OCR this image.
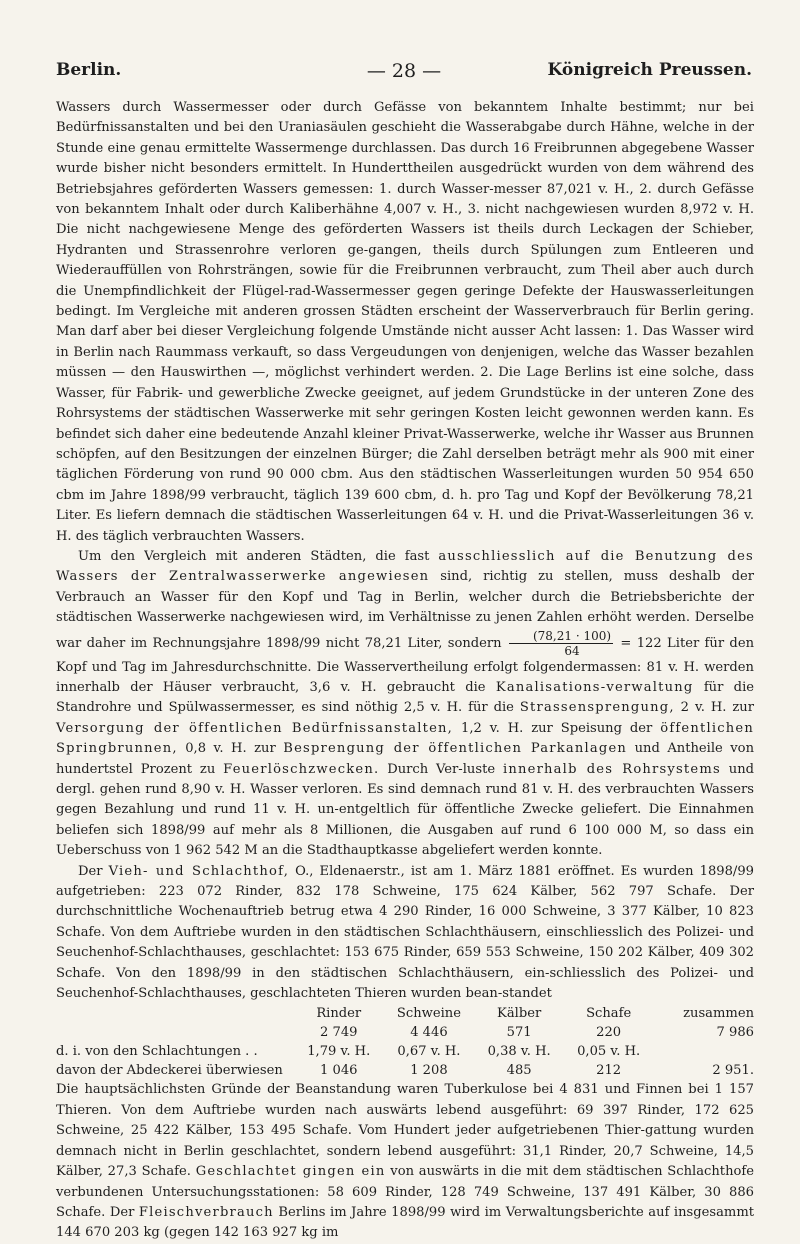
Berlin.	— 28 —	Königreich Preussen.

Wassers durch Wassermesser oder durch Gefässe von bekanntem Inhalte bestimmt; nur bei Bedürfnissanstalten und bei den Uraniasäulen geschieht die Wasserabgabe durch Hähne, welche in der Stunde eine genau ermittelte Wassermenge durchlassen. Das durch 16 Freibrunnen abgegebene Wasser wurde bisher nicht besonders ermittelt. In Hunderttheilen ausgedrückt wurden von dem während des Betriebsjahres geförderten Wassers gemessen: 1. durch Wasser-messer 87,021 v. H., 2. durch Gefässe von bekanntem Inhalt oder durch Kaliberhähne 4,007 v. H., 3. nicht nachgewiesen wurden 8,972 v. H. Die nicht nachgewiesene Menge des geförderten Wassers ist theils durch Leckagen der Schieber, Hydranten und Strassenrohre verloren ge-gangen, theils durch Spülungen zum Entleeren und Wiederauffüllen von Rohrsträngen, sowie für die Freibrunnen verbraucht, zum Theil aber auch durch die Unempfindlichkeit der Flügel-rad-Wassermesser gegen geringe Defekte der Hauswasserleitungen bedingt. Im Vergleiche mit anderen grossen Städten erscheint der Wasserverbrauch für Berlin gering. Man darf aber bei dieser Vergleichung folgende Umstände nicht ausser Acht lassen: 1. Das Wasser wird in Berlin nach Raummass verkauft, so dass Vergeudungen von denjenigen, welche das Wasser bezahlen müssen — den Hauswirthen —, möglichst verhindert werden. 2. Die Lage Berlins ist eine solche, dass Wasser, für Fabrik- und gewerbliche Zwecke geeignet, auf jedem Grundstücke in der unteren Zone des Rohrsystems der städtischen Wasserwerke mit sehr geringen Kosten leicht gewonnen werden kann. Es befindet sich daher eine bedeutende Anzahl kleiner Privat-Wasserwerke, welche ihr Wasser aus Brunnen schöpfen, auf den Besitzungen der einzelnen Bürger; die Zahl derselben beträgt mehr als 900 mit einer täglichen Förderung von rund 90 000 cbm. Aus den städtischen Wasserleitungen wurden 50 954 650 cbm im Jahre 1898/99 verbraucht, täglich 139 600 cbm, d. h. pro Tag und Kopf der Bevölkerung 78,21 Liter. Es liefern demnach die städtischen Wasserleitungen 64 v. H. und die Privat-Wasserleitungen 36 v. H. des täglich verbrauchten Wassers.

Um den Vergleich mit anderen Städten, die fast ausschliesslich auf die Benutzung des Wassers der Zentralwasserwerke angewiesen sind, richtig zu stellen, muss deshalb der Verbrauch an Wasser für den Kopf und Tag in Berlin, welcher durch die Betriebsberichte der städtischen Wasserwerke nachgewiesen wird, im Verhältnisse zu jenen Zahlen erhöht werden. Derselbe war daher im Rechnungsjahre 1898/99 nicht 78,21 Liter, sondern $\frac{(78,21 \cdot 100)}{64} = 122$ Liter für den Kopf und Tag im Jahresdurchschnitte. Die Wasservertheilung erfolgt folgendermassen: 81 v. H. werden innerhalb der Häuser verbraucht, 3,6 v. H. gebraucht die Kanalisations-verwaltung für die Standrohre und Spülwassermesser, es sind nöthig 2,5 v. H. für die Strassensprengung, 2 v. H. zur Versorgung der öffentlichen Bedürfnissanstalten, 1,2 v. H. zur Speisung der öffentlichen Springbrunnen, 0,8 v. H. zur Besprengung der öffentlichen Parkanlagen und Antheile von hundertstel Prozent zu Feuerlöschzwecken. Durch Ver-luste innerhalb des Rohrsystems und dergl. gehen rund 8,90 v. H. Wasser verloren. Es sind demnach rund 81 v. H. des verbrauchten Wassers gegen Bezahlung und rund 11 v. H. un-entgeltlich für öffentliche Zwecke geliefert. Die Einnahmen beliefen sich 1898/99 auf mehr als 8 Millionen, die Ausgaben auf rund 6 100 000 M, so dass ein Ueberschuss von 1 962 542 M an die Stadthauptkasse abgeliefert werden konnte.

Der Vieh- und Schlachthof, O., Eldenaerstr., ist am 1. März 1881 eröffnet. Es wurden 1898/99 aufgetrieben: 223 072 Rinder, 832 178 Schweine, 175 624 Kälber, 562 797 Schafe. Der durchschnittliche Wochenauftrieb betrug etwa 4 290 Rinder, 16 000 Schweine, 3 377 Kälber, 10 823 Schafe. Von dem Auftriebe wurden in den städtischen Schlachthäusern, einschliesslich des Polizei- und Seuchenhof-Schlachthauses, geschlachtet: 153 675 Rinder, 659 553 Schweine, 150 202 Kälber, 409 302 Schafe. Von den 1898/99 in den städtischen Schlachthäusern, ein-schliesslich des Polizei- und Seuchenhof-Schlachthauses, geschlachteten Thieren wurden bean-standet

	Rinder	Schweine	Kälber	Schafe	zusammen
	2 749	4 446	571	220	7 986
d. i. von den Schlachtungen . .	1,79 v. H.	0,67 v. H.	0,38 v. H.	0,05 v. H.	
davon der Abdeckerei überwiesen	1 046	1 208	485	212	2 951.

Die hauptsächlichsten Gründe der Beanstandung waren Tuberkulose bei 4 831 und Finnen bei 1 157 Thieren. Von dem Auftriebe wurden nach auswärts lebend ausgeführt: 69 397 Rinder, 172 625 Schweine, 25 422 Kälber, 153 495 Schafe. Vom Hundert jeder aufgetriebenen Thier-gattung wurden demnach nicht in Berlin geschlachtet, sondern lebend ausgeführt: 31,1 Rinder, 20,7 Schweine, 14,5 Kälber, 27,3 Schafe. Geschlachtet gingen ein von auswärts in die mit dem städtischen Schlachthofe verbundenen Untersuchungsstationen: 58 609 Rinder, 128 749 Schweine, 137 491 Kälber, 30 886 Schafe. Der Fleischverbrauch Berlins im Jahre 1898/99 wird im Verwaltungsberichte auf insgesammt 144 670 203 kg (gegen 142 163 927 kg im
